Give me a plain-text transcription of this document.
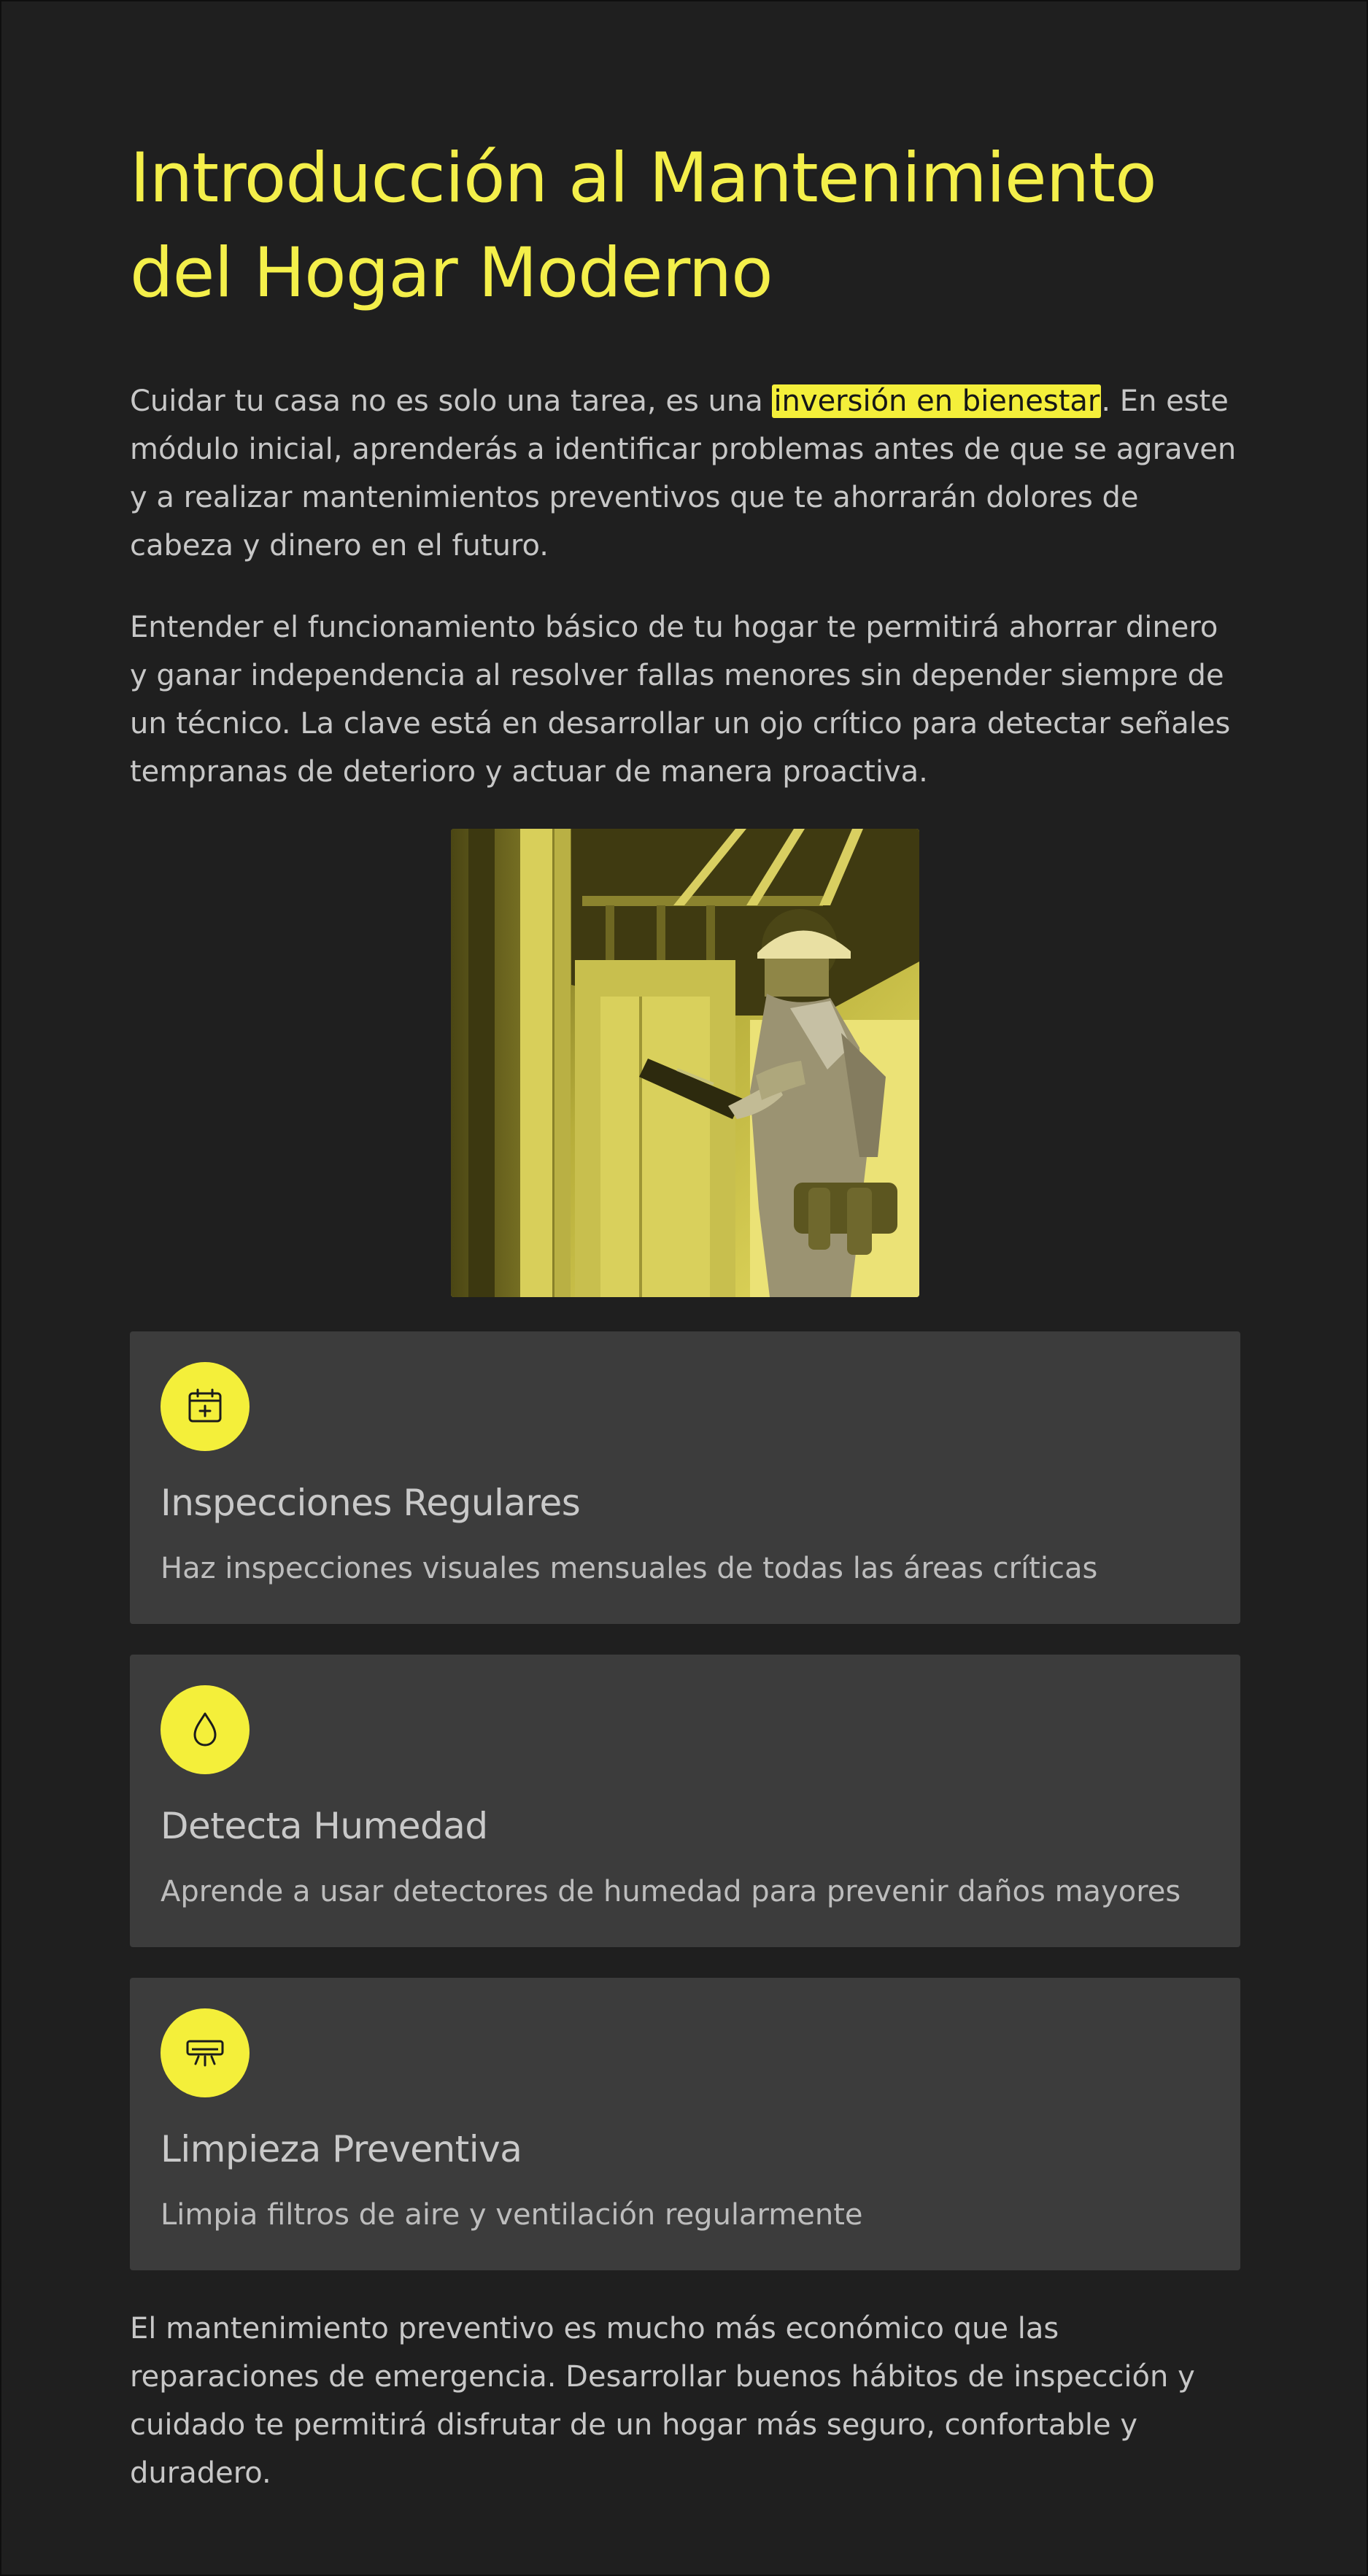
Introducción al Mantenimiento del Hogar Moderno

Cuidar tu casa no es solo una tarea, es una inversión en bienestar. En este módulo inicial, aprenderás a identificar problemas antes de que se agraven y a realizar mantenimientos preventivos que te ahorrarán dolores de cabeza y dinero en el futuro.

Entender el funcionamiento básico de tu hogar te permitirá ahorrar dinero y ganar independencia al resolver fallas menores sin depender siempre de un técnico. La clave está en desarrollar un ojo crítico para detectar señales tempranas de deterioro y actuar de manera proactiva.

Inspecciones Regulares

Haz inspecciones visuales mensuales de todas las áreas críticas

Detecta Humedad

Aprende a usar detectores de humedad para prevenir daños mayores

Limpieza Preventiva

Limpia filtros de aire y ventilación regularmente

El mantenimiento preventivo es mucho más económico que las reparaciones de emergencia. Desarrollar buenos hábitos de inspección y cuidado te permitirá disfrutar de un hogar más seguro, confortable y duradero.
